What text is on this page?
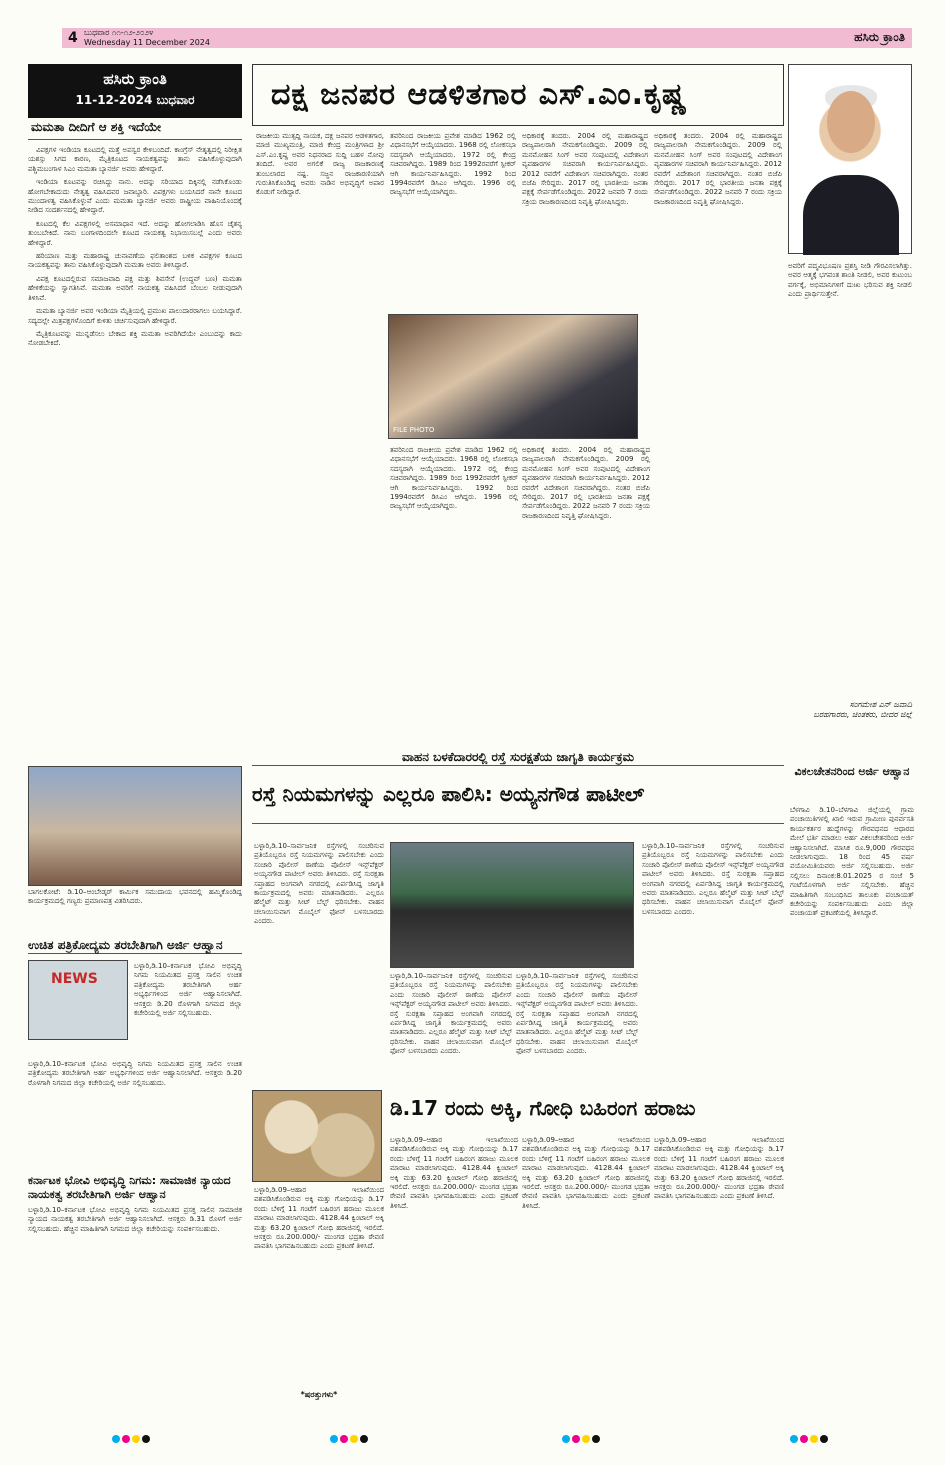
4 ಬುಧವಾರ ೧೧-೧೨-೨೦೨೪
Wednesday 11 December 2024	ಹಸಿರು ಕ್ರಾಂತಿ
ಹಸಿರು ಕ್ರಾಂತಿ
11-12-2024 ಬುಧವಾರ
ಮಮತಾ ದೀದಿಗೆ ಆ ಶಕ್ತಿ ಇದೆಯೇ

ವಿಪಕ್ಷಗಳ ಇಂಡಿಯಾ ಕೂಟದಲ್ಲಿ ಮತ್ತೆ ಅಪಸ್ವರ ಕೇಳಿಬಂದಿದೆ. ಕಾಂಗ್ರೆಸ್ ನೇತೃತ್ವದಲ್ಲಿ ನಿರೀಕ್ಷಿತ ಯಶಸ್ಸು ಸಿಗದ ಕಾರಣ, ಮೈತ್ರಿಕೂಟದ ನಾಯಕತ್ವವನ್ನು ತಾನು ವಹಿಸಿಕೊಳ್ಳುವುದಾಗಿ ಪಶ್ಚಿಮಬಂಗಾಳ ಸಿಎಂ ಮಮತಾ ಬ್ಯಾನರ್ಜಿ ಅವರು ಹೇಳಿದ್ದಾರೆ.

ಇಂಡಿಯಾ ಕೂಟವನ್ನು ರಚಿಸಿದ್ದು ನಾನು. ಅದನ್ನು ಸರಿಯಾದ ದಿಕ್ಕಿನಲ್ಲಿ ನಡೆಸಿಕೊಂಡು ಹೋಗಬೇಕಾದುದು ನೇತೃತ್ವ ವಹಿಸಿದವರ ಜವಾಬ್ದಾರಿ. ವಿಪಕ್ಷಗಳು ಬಯಸಿದರೆ ನಾನೇ ಕೂಟದ ಮುಂದಾಳತ್ವ ವಹಿಸಿಕೊಳ್ಳುವೆ ಎಂದು ಮಮತಾ ಬ್ಯಾನರ್ಜಿ ಅವರು ರಾಷ್ಟ್ರೀಯ ವಾಹಿನಿಯೊಂದಕ್ಕೆ ನೀಡಿದ ಸಂದರ್ಶನದಲ್ಲಿ ಹೇಳಿದ್ದಾರೆ.

ಕೂಟದಲ್ಲಿ ಕೆಲ ವಿಪಕ್ಷಗಳಲ್ಲಿ ಅಸಮಾಧಾನ ಇದೆ. ಅದನ್ನು ಹೋಗಲಾಡಿಸಿ ಹೊಸ ಚೈತನ್ಯ ತುಂಬಬೇಕಿದೆ. ನಾನು ಬಂಗಾಳದಿಂದಲೇ ಕೂಟದ ನಾಯಕತ್ವ ನಿಭಾಯಿಸಬಲ್ಲೆ ಎಂದು ಅವರು ಹೇಳಿದ್ದಾರೆ.

ಹರಿಯಾಣ ಮತ್ತು ಮಹಾರಾಷ್ಟ್ರ ಚುನಾವಣೆಯ ಫಲಿತಾಂಶದ ಬಳಿಕ ವಿಪಕ್ಷಗಳ ಕೂಟದ ನಾಯಕತ್ವವನ್ನು ತಾನು ವಹಿಸಿಕೊಳ್ಳುವುದಾಗಿ ಮಮತಾ ಅವರು ತಿಳಿಸಿದ್ದಾರೆ.

ವಿಪಕ್ಷ ಕೂಟದಲ್ಲಿರುವ ಸಮಾಜವಾದಿ ಪಕ್ಷ ಮತ್ತು ಶಿವಸೇನೆ (ಉದ್ಧವ್ ಬಣ) ಮಮತಾ ಹೇಳಿಕೆಯನ್ನು ಸ್ವಾಗತಿಸಿವೆ. ಮಮತಾ ಅವರಿಗೆ ನಾಯಕತ್ವ ವಹಿಸಿದರೆ ಬೆಂಬಲ ನೀಡುವುದಾಗಿ ತಿಳಿಸಿವೆ.

ಮಮತಾ ಬ್ಯಾನರ್ಜಿ ಅವರ ಇಂಡಿಯಾ ಮೈತ್ರಿಯಲ್ಲಿ ಪ್ರಮುಖ ಪಾಲುದಾರರಾಗಲು ಬಯಸಿದ್ದಾರೆ. ಸದ್ಯದಲ್ಲೇ ಮಿತ್ರಪಕ್ಷಗಳೊಂದಿಗೆ ಕುಳಿತು ಚರ್ಚಿಸುವುದಾಗಿ ಹೇಳಿದ್ದಾರೆ.

ಮೈತ್ರಿಕೂಟವನ್ನು ಮುನ್ನಡೆಸಲು ಬೇಕಾದ ಶಕ್ತಿ ಮಮತಾ ಅವರಿಗಿದೆಯೇ ಎಂಬುದನ್ನು ಕಾದು ನೋಡಬೇಕಿದೆ.

ದಕ್ಷ ಜನಪರ ಆಡಳಿತಗಾರ ಎಸ್.ಎಂ.ಕೃಷ್ಣ
ರಾಜಕೀಯ ಮುತ್ಸದ್ದಿ ನಾಯಕ, ದಕ್ಷ ಜನಪರ ಆಡಳಿತಗಾರ, ಮಾಜಿ ಮುಖ್ಯಮಂತ್ರಿ, ಮಾಜಿ ಕೇಂದ್ರ ಮಂತ್ರಿಗಳಾದ ಶ್ರೀ ಎಸ್.ಎಂ.ಕೃಷ್ಣ ಅವರ ನಿಧನರಾದ ಸುದ್ದಿ ಬಹಳ ನೋವು ತಂದಿದೆ. ಅವರ ಅಗಲಿಕೆ ರಾಜ್ಯ ರಾಜಕಾರಣಕ್ಕೆ ತುಂಬಲಾರದ ನಷ್ಟ. ಸಜ್ಜನ ರಾಜಕಾರಣಿಯಾಗಿ ಗುರುತಿಸಿಕೊಂಡಿದ್ದ ಅವರು ನಾಡಿನ ಅಭಿವೃದ್ಧಿಗೆ ಅಪಾರ ಕೊಡುಗೆ ನೀಡಿದ್ದಾರೆ.
ತವರಿನಿಂದ ರಾಜಕೀಯ ಪ್ರವೇಶ ಮಾಡಿದ 1962 ರಲ್ಲಿ ವಿಧಾನಸಭೆಗೆ ಆಯ್ಕೆಯಾದರು. 1968 ರಲ್ಲಿ ಲೋಕಸಭಾ ಸದಸ್ಯರಾಗಿ ಆಯ್ಕೆಯಾದರು. 1972 ರಲ್ಲಿ ಕೇಂದ್ರ ಸಚಿವರಾಗಿದ್ದರು. 1989 ರಿಂದ 1992ರವರೆಗೆ ಸ್ಪೀಕರ್ ಆಗಿ ಕಾರ್ಯನಿರ್ವಹಿಸಿದ್ದರು. 1992 ರಿಂದ 1994ರವರೆಗೆ ಡಿಸಿಎಂ ಆಗಿದ್ದರು. 1996 ರಲ್ಲಿ ರಾಜ್ಯಸಭೆಗೆ ಆಯ್ಕೆಯಾಗಿದ್ದರು.
ಅಧಿಕಾರಕ್ಕೆ ತಂದರು. 2004 ರಲ್ಲಿ ಮಹಾರಾಷ್ಟ್ರದ ರಾಜ್ಯಪಾಲರಾಗಿ ನೇಮಕಗೊಂಡಿದ್ದರು. 2009 ರಲ್ಲಿ ಮನಮೋಹನ ಸಿಂಗ್ ಅವರ ಸಂಪುಟದಲ್ಲಿ ವಿದೇಶಾಂಗ ವ್ಯವಹಾರಗಳ ಸಚಿವರಾಗಿ ಕಾರ್ಯನಿರ್ವಹಿಸಿದ್ದರು. 2012 ರವರೆಗೆ ವಿದೇಶಾಂಗ ಸಚಿವರಾಗಿದ್ದರು. ನಂತರ ಬಿಜೆಪಿ ಸೇರಿದ್ದರು. 2017 ರಲ್ಲಿ ಭಾರತೀಯ ಜನತಾ ಪಕ್ಷಕ್ಕೆ ಸೇರ್ಪಡೆಗೊಂಡಿದ್ದರು. 2022 ಜನವರಿ 7 ರಂದು ಸಕ್ರಿಯ ರಾಜಕಾರಣದಿಂದ ನಿವೃತ್ತಿ ಘೋಷಿಸಿದ್ದರು.
FILE PHOTO
ತವರಿನಿಂದ ರಾಜಕೀಯ ಪ್ರವೇಶ ಮಾಡಿದ 1962 ರಲ್ಲಿ ವಿಧಾನಸಭೆಗೆ ಆಯ್ಕೆಯಾದರು. 1968 ರಲ್ಲಿ ಲೋಕಸಭಾ ಸದಸ್ಯರಾಗಿ ಆಯ್ಕೆಯಾದರು. 1972 ರಲ್ಲಿ ಕೇಂದ್ರ ಸಚಿವರಾಗಿದ್ದರು. 1989 ರಿಂದ 1992ರವರೆಗೆ ಸ್ಪೀಕರ್ ಆಗಿ ಕಾರ್ಯನಿರ್ವಹಿಸಿದ್ದರು. 1992 ರಿಂದ 1994ರವರೆಗೆ ಡಿಸಿಎಂ ಆಗಿದ್ದರು. 1996 ರಲ್ಲಿ ರಾಜ್ಯಸಭೆಗೆ ಆಯ್ಕೆಯಾಗಿದ್ದರು.
ಅಧಿಕಾರಕ್ಕೆ ತಂದರು. 2004 ರಲ್ಲಿ ಮಹಾರಾಷ್ಟ್ರದ ರಾಜ್ಯಪಾಲರಾಗಿ ನೇಮಕಗೊಂಡಿದ್ದರು. 2009 ರಲ್ಲಿ ಮನಮೋಹನ ಸಿಂಗ್ ಅವರ ಸಂಪುಟದಲ್ಲಿ ವಿದೇಶಾಂಗ ವ್ಯವಹಾರಗಳ ಸಚಿವರಾಗಿ ಕಾರ್ಯನಿರ್ವಹಿಸಿದ್ದರು. 2012 ರವರೆಗೆ ವಿದೇಶಾಂಗ ಸಚಿವರಾಗಿದ್ದರು. ನಂತರ ಬಿಜೆಪಿ ಸೇರಿದ್ದರು. 2017 ರಲ್ಲಿ ಭಾರತೀಯ ಜನತಾ ಪಕ್ಷಕ್ಕೆ ಸೇರ್ಪಡೆಗೊಂಡಿದ್ದರು. 2022 ಜನವರಿ 7 ರಂದು ಸಕ್ರಿಯ ರಾಜಕಾರಣದಿಂದ ನಿವೃತ್ತಿ ಘೋಷಿಸಿದ್ದರು.
ಅಧಿಕಾರಕ್ಕೆ ತಂದರು. 2004 ರಲ್ಲಿ ಮಹಾರಾಷ್ಟ್ರದ ರಾಜ್ಯಪಾಲರಾಗಿ ನೇಮಕಗೊಂಡಿದ್ದರು. 2009 ರಲ್ಲಿ ಮನಮೋಹನ ಸಿಂಗ್ ಅವರ ಸಂಪುಟದಲ್ಲಿ ವಿದೇಶಾಂಗ ವ್ಯವಹಾರಗಳ ಸಚಿವರಾಗಿ ಕಾರ್ಯನಿರ್ವಹಿಸಿದ್ದರು. 2012 ರವರೆಗೆ ವಿದೇಶಾಂಗ ಸಚಿವರಾಗಿದ್ದರು. ನಂತರ ಬಿಜೆಪಿ ಸೇರಿದ್ದರು. 2017 ರಲ್ಲಿ ಭಾರತೀಯ ಜನತಾ ಪಕ್ಷಕ್ಕೆ ಸೇರ್ಪಡೆಗೊಂಡಿದ್ದರು. 2022 ಜನವರಿ 7 ರಂದು ಸಕ್ರಿಯ ರಾಜಕಾರಣದಿಂದ ನಿವೃತ್ತಿ ಘೋಷಿಸಿದ್ದರು.
ಅವರಿಗೆ ಪದ್ಮವಿಭೂಷಣ ಪ್ರಶಸ್ತಿ ನೀಡಿ ಗೌರವಿಸಲಾಗಿತ್ತು. ಅವರ ಆತ್ಮಕ್ಕೆ ಭಗವಂತ ಶಾಂತಿ ನೀಡಲಿ, ಅವರ ಕುಟುಂಬ ವರ್ಗಕ್ಕೆ, ಅಭಿಮಾನಿಗಳಿಗೆ ದುಃಖ ಭರಿಸುವ ಶಕ್ತಿ ನೀಡಲಿ ಎಂದು ಪ್ರಾರ್ಥಿಸುತ್ತೇನೆ.
ಸಂಗಮೇಶ ಎನ್ ಜವಾದಿ
ಬರಹಗಾರರು, ಚಿಂತಕರು, ಬೀದರ ಜಿಲ್ಲೆ
ಬಾಗಲಕೋಟೆ: ಡಿ.10–ಆಂಬೇಡ್ಕರ್ ಕಾರ್ಮಿಕ ಸಮುದಾಯ ಭವನದಲ್ಲಿ ಹಮ್ಮಿಕೊಂಡಿದ್ದ ಕಾರ್ಯಕ್ರಮದಲ್ಲಿ ಗಣ್ಯರು ಪ್ರಮಾಣಪತ್ರ ವಿತರಿಸಿದರು.
ಉಚಿತ ಪತ್ರಿಕೋದ್ಯಮ ತರಬೇತಿಗಾಗಿ ಅರ್ಜಿ ಆಹ್ವಾನ
NEWS
ಬಳ್ಳಾರಿ,ಡಿ.10–ಕರ್ನಾಟಕ ಭೋವಿ ಅಭಿವೃದ್ಧಿ ನಿಗಮ ನಿಯಮಿತದ ಪ್ರಸಕ್ತ ಸಾಲಿನ ಉಚಿತ ಪತ್ರಿಕೋದ್ಯಮ ತರಬೇತಿಗಾಗಿ ಅರ್ಹ ಅಭ್ಯರ್ಥಿಗಳಿಂದ ಅರ್ಜಿ ಆಹ್ವಾನಿಸಲಾಗಿದೆ. ಆಸಕ್ತರು ಡಿ.20 ರೊಳಗಾಗಿ ನಿಗಮದ ಜಿಲ್ಲಾ ಕಚೇರಿಯಲ್ಲಿ ಅರ್ಜಿ ಸಲ್ಲಿಸಬಹುದು.
ಬಳ್ಳಾರಿ,ಡಿ.10–ಕರ್ನಾಟಕ ಭೋವಿ ಅಭಿವೃದ್ಧಿ ನಿಗಮ ನಿಯಮಿತದ ಪ್ರಸಕ್ತ ಸಾಲಿನ ಉಚಿತ ಪತ್ರಿಕೋದ್ಯಮ ತರಬೇತಿಗಾಗಿ ಅರ್ಹ ಅಭ್ಯರ್ಥಿಗಳಿಂದ ಅರ್ಜಿ ಆಹ್ವಾನಿಸಲಾಗಿದೆ. ಆಸಕ್ತರು ಡಿ.20 ರೊಳಗಾಗಿ ನಿಗಮದ ಜಿಲ್ಲಾ ಕಚೇರಿಯಲ್ಲಿ ಅರ್ಜಿ ಸಲ್ಲಿಸಬಹುದು.
ಕರ್ನಾಟಕ ಭೋವಿ ಅಭಿವೃದ್ಧಿ ನಿಗಮ: ಸಾಮಾಜಿಕ ನ್ಯಾಯದ ನಾಯಕತ್ವ ತರಬೇತಿಗಾಗಿ ಅರ್ಜಿ ಆಹ್ವಾನ
ಬಳ್ಳಾರಿ,ಡಿ.10–ಕರ್ನಾಟಕ ಭೋವಿ ಅಭಿವೃದ್ಧಿ ನಿಗಮ ನಿಯಮಿತದ ಪ್ರಸಕ್ತ ಸಾಲಿನ ಸಾಮಾಜಿಕ ನ್ಯಾಯದ ನಾಯಕತ್ವ ತರಬೇತಿಗಾಗಿ ಅರ್ಜಿ ಆಹ್ವಾನಿಸಲಾಗಿದೆ. ಆಸಕ್ತರು ಡಿ.31 ರೊಳಗೆ ಅರ್ಜಿ ಸಲ್ಲಿಸಬಹುದು. ಹೆಚ್ಚಿನ ಮಾಹಿತಿಗಾಗಿ ನಿಗಮದ ಜಿಲ್ಲಾ ಕಚೇರಿಯನ್ನು ಸಂಪರ್ಕಿಸಬಹುದು.
ವಾಹನ ಬಳಕೆದಾರರಲ್ಲಿ ರಸ್ತೆ ಸುರಕ್ಷತೆಯ ಜಾಗೃತಿ ಕಾರ್ಯಕ್ರಮ
ರಸ್ತೆ ನಿಯಮಗಳನ್ನು ಎಲ್ಲರೂ ಪಾಲಿಸಿ: ಅಯ್ಯನಗೌಡ ಪಾಟೀಲ್
ಬಳ್ಳಾರಿ,ಡಿ.10–ಸಾರ್ವಜನಿಕ ರಸ್ತೆಗಳಲ್ಲಿ ಸಂಚರಿಸುವ ಪ್ರತಿಯೊಬ್ಬರೂ ರಸ್ತೆ ನಿಯಮಗಳನ್ನು ಪಾಲಿಸಬೇಕು ಎಂದು ಸಂಚಾರಿ ಪೊಲೀಸ್ ಠಾಣೆಯ ಪೊಲೀಸ್ ಇನ್ಸ್‌ಪೆಕ್ಟರ್ ಅಯ್ಯನಗೌಡ ಪಾಟೀಲ್ ಅವರು ತಿಳಿಸಿದರು. ರಸ್ತೆ ಸುರಕ್ಷತಾ ಸಪ್ತಾಹದ ಅಂಗವಾಗಿ ನಗರದಲ್ಲಿ ಏರ್ಪಡಿಸಿದ್ದ ಜಾಗೃತಿ ಕಾರ್ಯಕ್ರಮದಲ್ಲಿ ಅವರು ಮಾತನಾಡಿದರು. ಎಲ್ಲರೂ ಹೆಲ್ಮೆಟ್ ಮತ್ತು ಸೀಟ್ ಬೆಲ್ಟ್ ಧರಿಸಬೇಕು. ವಾಹನ ಚಲಾಯಿಸುವಾಗ ಮೊಬೈಲ್ ಫೋನ್ ಬಳಸಬಾರದು ಎಂದರು.
ಬಳ್ಳಾರಿ,ಡಿ.10–ಸಾರ್ವಜನಿಕ ರಸ್ತೆಗಳಲ್ಲಿ ಸಂಚರಿಸುವ ಪ್ರತಿಯೊಬ್ಬರೂ ರಸ್ತೆ ನಿಯಮಗಳನ್ನು ಪಾಲಿಸಬೇಕು ಎಂದು ಸಂಚಾರಿ ಪೊಲೀಸ್ ಠಾಣೆಯ ಪೊಲೀಸ್ ಇನ್ಸ್‌ಪೆಕ್ಟರ್ ಅಯ್ಯನಗೌಡ ಪಾಟೀಲ್ ಅವರು ತಿಳಿಸಿದರು. ರಸ್ತೆ ಸುರಕ್ಷತಾ ಸಪ್ತಾಹದ ಅಂಗವಾಗಿ ನಗರದಲ್ಲಿ ಏರ್ಪಡಿಸಿದ್ದ ಜಾಗೃತಿ ಕಾರ್ಯಕ್ರಮದಲ್ಲಿ ಅವರು ಮಾತನಾಡಿದರು. ಎಲ್ಲರೂ ಹೆಲ್ಮೆಟ್ ಮತ್ತು ಸೀಟ್ ಬೆಲ್ಟ್ ಧರಿಸಬೇಕು. ವಾಹನ ಚಲಾಯಿಸುವಾಗ ಮೊಬೈಲ್ ಫೋನ್ ಬಳಸಬಾರದು ಎಂದರು.
ಬಳ್ಳಾರಿ,ಡಿ.10–ಸಾರ್ವಜನಿಕ ರಸ್ತೆಗಳಲ್ಲಿ ಸಂಚರಿಸುವ ಪ್ರತಿಯೊಬ್ಬರೂ ರಸ್ತೆ ನಿಯಮಗಳನ್ನು ಪಾಲಿಸಬೇಕು ಎಂದು ಸಂಚಾರಿ ಪೊಲೀಸ್ ಠಾಣೆಯ ಪೊಲೀಸ್ ಇನ್ಸ್‌ಪೆಕ್ಟರ್ ಅಯ್ಯನಗೌಡ ಪಾಟೀಲ್ ಅವರು ತಿಳಿಸಿದರು. ರಸ್ತೆ ಸುರಕ್ಷತಾ ಸಪ್ತಾಹದ ಅಂಗವಾಗಿ ನಗರದಲ್ಲಿ ಏರ್ಪಡಿಸಿದ್ದ ಜಾಗೃತಿ ಕಾರ್ಯಕ್ರಮದಲ್ಲಿ ಅವರು ಮಾತನಾಡಿದರು. ಎಲ್ಲರೂ ಹೆಲ್ಮೆಟ್ ಮತ್ತು ಸೀಟ್ ಬೆಲ್ಟ್ ಧರಿಸಬೇಕು. ವಾಹನ ಚಲಾಯಿಸುವಾಗ ಮೊಬೈಲ್ ಫೋನ್ ಬಳಸಬಾರದು ಎಂದರು.
ಬಳ್ಳಾರಿ,ಡಿ.10–ಸಾರ್ವಜನಿಕ ರಸ್ತೆಗಳಲ್ಲಿ ಸಂಚರಿಸುವ ಪ್ರತಿಯೊಬ್ಬರೂ ರಸ್ತೆ ನಿಯಮಗಳನ್ನು ಪಾಲಿಸಬೇಕು ಎಂದು ಸಂಚಾರಿ ಪೊಲೀಸ್ ಠಾಣೆಯ ಪೊಲೀಸ್ ಇನ್ಸ್‌ಪೆಕ್ಟರ್ ಅಯ್ಯನಗೌಡ ಪಾಟೀಲ್ ಅವರು ತಿಳಿಸಿದರು. ರಸ್ತೆ ಸುರಕ್ಷತಾ ಸಪ್ತಾಹದ ಅಂಗವಾಗಿ ನಗರದಲ್ಲಿ ಏರ್ಪಡಿಸಿದ್ದ ಜಾಗೃತಿ ಕಾರ್ಯಕ್ರಮದಲ್ಲಿ ಅವರು ಮಾತನಾಡಿದರು. ಎಲ್ಲರೂ ಹೆಲ್ಮೆಟ್ ಮತ್ತು ಸೀಟ್ ಬೆಲ್ಟ್ ಧರಿಸಬೇಕು. ವಾಹನ ಚಲಾಯಿಸುವಾಗ ಮೊಬೈಲ್ ಫೋನ್ ಬಳಸಬಾರದು ಎಂದರು.
ಡಿ.17 ರಂದು ಅಕ್ಕಿ, ಗೋಧಿ ಬಹಿರಂಗ ಹರಾಜು
ಬಳ್ಳಾರಿ,ಡಿ.09–ಆಹಾರ ಇಲಾಖೆಯಿಂದ ವಶಪಡಿಸಿಕೊಂಡಿರುವ ಅಕ್ಕಿ ಮತ್ತು ಗೋಧಿಯನ್ನು ಡಿ.17 ರಂದು ಬೆಳಿಗ್ಗೆ 11 ಗಂಟೆಗೆ ಬಹಿರಂಗ ಹರಾಜು ಮೂಲಕ ಮಾರಾಟ ಮಾಡಲಾಗುವುದು. 4128.44 ಕ್ವಿಂಟಾಲ್ ಅಕ್ಕಿ ಮತ್ತು 63.20 ಕ್ವಿಂಟಾಲ್ ಗೋಧಿ ಹರಾಜಿನಲ್ಲಿ ಇರಲಿದೆ. ಆಸಕ್ತರು ರೂ.200.000/- ಮುಂಗಡ ಭದ್ರತಾ ಠೇವಣಿ ಪಾವತಿಸಿ ಭಾಗವಹಿಸಬಹುದು ಎಂದು ಪ್ರಕಟಣೆ ತಿಳಿಸಿದೆ.
*ಷರತ್ತುಗಳು*
ಬಳ್ಳಾರಿ,ಡಿ.09–ಆಹಾರ ಇಲಾಖೆಯಿಂದ ವಶಪಡಿಸಿಕೊಂಡಿರುವ ಅಕ್ಕಿ ಮತ್ತು ಗೋಧಿಯನ್ನು ಡಿ.17 ರಂದು ಬೆಳಿಗ್ಗೆ 11 ಗಂಟೆಗೆ ಬಹಿರಂಗ ಹರಾಜು ಮೂಲಕ ಮಾರಾಟ ಮಾಡಲಾಗುವುದು. 4128.44 ಕ್ವಿಂಟಾಲ್ ಅಕ್ಕಿ ಮತ್ತು 63.20 ಕ್ವಿಂಟಾಲ್ ಗೋಧಿ ಹರಾಜಿನಲ್ಲಿ ಇರಲಿದೆ. ಆಸಕ್ತರು ರೂ.200.000/- ಮುಂಗಡ ಭದ್ರತಾ ಠೇವಣಿ ಪಾವತಿಸಿ ಭಾಗವಹಿಸಬಹುದು ಎಂದು ಪ್ರಕಟಣೆ ತಿಳಿಸಿದೆ.
ಬಳ್ಳಾರಿ,ಡಿ.09–ಆಹಾರ ಇಲಾಖೆಯಿಂದ ವಶಪಡಿಸಿಕೊಂಡಿರುವ ಅಕ್ಕಿ ಮತ್ತು ಗೋಧಿಯನ್ನು ಡಿ.17 ರಂದು ಬೆಳಿಗ್ಗೆ 11 ಗಂಟೆಗೆ ಬಹಿರಂಗ ಹರಾಜು ಮೂಲಕ ಮಾರಾಟ ಮಾಡಲಾಗುವುದು. 4128.44 ಕ್ವಿಂಟಾಲ್ ಅಕ್ಕಿ ಮತ್ತು 63.20 ಕ್ವಿಂಟಾಲ್ ಗೋಧಿ ಹರಾಜಿನಲ್ಲಿ ಇರಲಿದೆ. ಆಸಕ್ತರು ರೂ.200.000/- ಮುಂಗಡ ಭದ್ರತಾ ಠೇವಣಿ ಪಾವತಿಸಿ ಭಾಗವಹಿಸಬಹುದು ಎಂದು ಪ್ರಕಟಣೆ ತಿಳಿಸಿದೆ.
ಬಳ್ಳಾರಿ,ಡಿ.09–ಆಹಾರ ಇಲಾಖೆಯಿಂದ ವಶಪಡಿಸಿಕೊಂಡಿರುವ ಅಕ್ಕಿ ಮತ್ತು ಗೋಧಿಯನ್ನು ಡಿ.17 ರಂದು ಬೆಳಿಗ್ಗೆ 11 ಗಂಟೆಗೆ ಬಹಿರಂಗ ಹರಾಜು ಮೂಲಕ ಮಾರಾಟ ಮಾಡಲಾಗುವುದು. 4128.44 ಕ್ವಿಂಟಾಲ್ ಅಕ್ಕಿ ಮತ್ತು 63.20 ಕ್ವಿಂಟಾಲ್ ಗೋಧಿ ಹರಾಜಿನಲ್ಲಿ ಇರಲಿದೆ. ಆಸಕ್ತರು ರೂ.200.000/- ಮುಂಗಡ ಭದ್ರತಾ ಠೇವಣಿ ಪಾವತಿಸಿ ಭಾಗವಹಿಸಬಹುದು ಎಂದು ಪ್ರಕಟಣೆ ತಿಳಿಸಿದೆ.
ವಿಕಲಚೇತನರಿಂದ ಅರ್ಜಿ ಆಹ್ವಾನ
ಬೆಳಗಾವಿ ಡಿ.10–ಬೆಳಗಾವಿ ಜಿಲ್ಲೆಯಲ್ಲಿ ಗ್ರಾಮ ಪಂಚಾಯಿತಿಗಳಲ್ಲಿ ಖಾಲಿ ಇರುವ ಗ್ರಾಮೀಣ ಪುನರ್ವಸತಿ ಕಾರ್ಯಕರ್ತರ ಹುದ್ದೆಗಳನ್ನು ಗೌರವಧನದ ಆಧಾರದ ಮೇಲೆ ಭರ್ತಿ ಮಾಡಲು ಅರ್ಹ ವಿಕಲಚೇತನರಿಂದ ಅರ್ಜಿ ಆಹ್ವಾನಿಸಲಾಗಿದೆ. ಮಾಸಿಕ ರೂ.9,000 ಗೌರವಧನ ನೀಡಲಾಗುವುದು. 18 ರಿಂದ 45 ವರ್ಷ ವಯೋಮಿತಿಯವರು ಅರ್ಜಿ ಸಲ್ಲಿಸಬಹುದು. ಅರ್ಜಿ ಸಲ್ಲಿಸಲು ದಿನಾಂಕ:8.01.2025 ರ ಸಂಜೆ 5 ಗಂಟೆಯೊಳಗಾಗಿ ಅರ್ಜಿ ಸಲ್ಲಿಸಬೇಕು. ಹೆಚ್ಚಿನ ಮಾಹಿತಿಗಾಗಿ ಸಂಬಂಧಿಸಿದ ತಾಲೂಕು ಪಂಚಾಯತ್ ಕಚೇರಿಯನ್ನು ಸಂಪರ್ಕಿಸಬಹುದು ಎಂದು ಜಿಲ್ಲಾ ಪಂಚಾಯತ್ ಪ್ರಕಟಣೆಯಲ್ಲಿ ತಿಳಿಸಿದ್ದಾರೆ.
